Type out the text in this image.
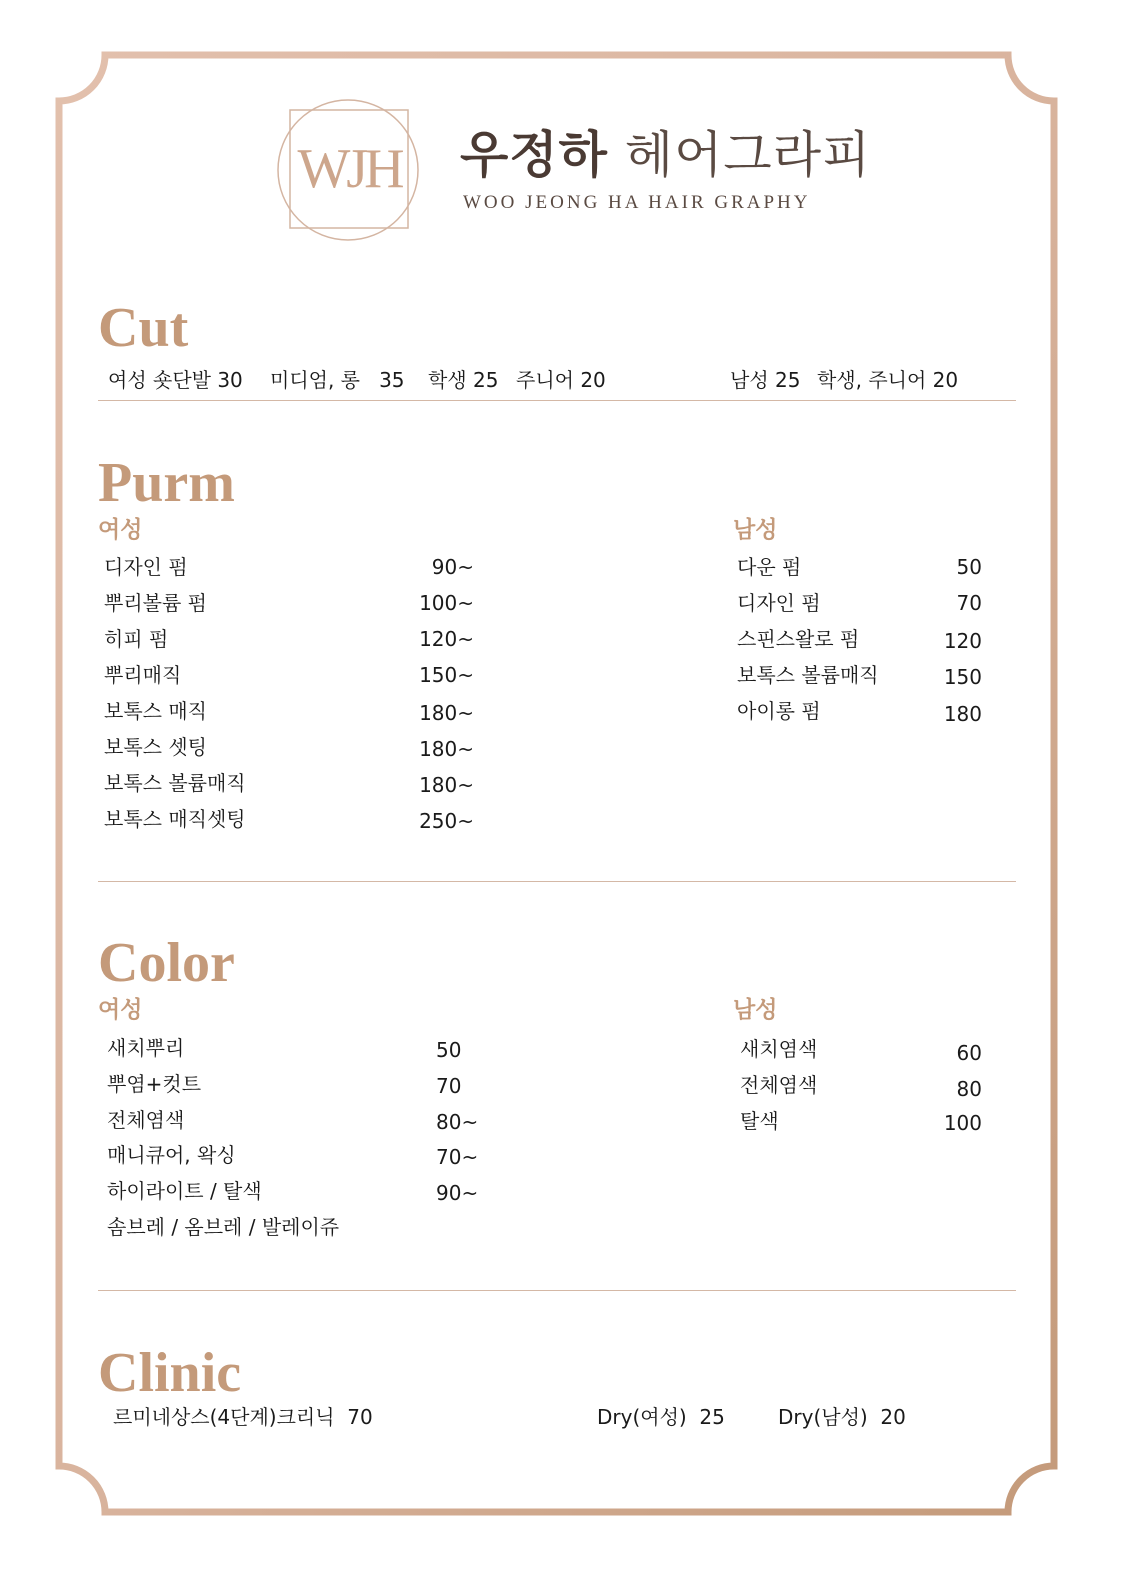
WJH 우정하 헤어그라피
WOO JEONG HA HAIR GRAPHY
Cut
여성 숏단발 30 미디엄, 롱   35 학생 25 주니어 20	남성 25 학생, 주니어 20
Purm
여성	남성
디자인 펌	90~
뿌리볼륨 펌	100~
히피 펌	120~
뿌리매직	150~
보톡스 매직	180~
보톡스 셋팅	180~
보톡스 볼륨매직	180~
보톡스 매직셋팅	250~
다운 펌	50
디자인 펌	70
스핀스왈로 펌	120
보톡스 볼륨매직	150
아이롱 펌	180
Color
여성	남성
새치뿌리	50
뿌염+컷트	70
전체염색	80~
매니큐어, 왁싱	70~
하이라이트 / 탈색	90~
솜브레 / 옴브레 / 발레이쥬
새치염색	60
전체염색	80
탈색	100
Clinic
르미네상스(4단계)크리닉  70	Dry(여성)  25	Dry(남성)  20
